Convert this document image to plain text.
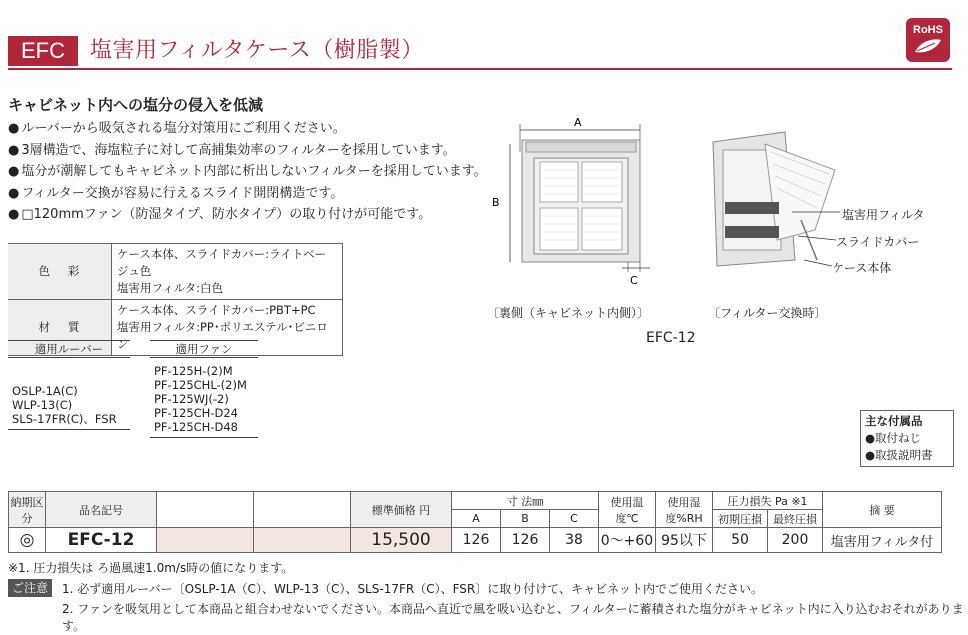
EFC	塩害用フィルタケース（樹脂製）
RoHS
キャビネット内への塩分の侵入を低減
● ルーバーから吸気される塩分対策用にご利用ください。
● 3層構造で、海塩粒子に対して高捕集効率のフィルターを採用しています。
● 塩分が潮解してもキャビネット内部に析出しないフィルターを採用しています。
● フィルター交換が容易に行えるスライド開閉構造です。
● □120mmファン（防湿タイプ、防水タイプ）の取り付けが可能です。
色彩	ケース本体、スライドカバー:ライトベージュ色
塩害用フィルタ:白色

材質	ケース本体、スライドカバー:PBT+PC
塩害用フィルタ:PP･ポリエステル･ビニロン
適用ルーバー
OSLP-1A(C)
WLP-13(C)
SLS-17FR(C)、FSR
適用ファン
PF-125H-(2)M
PF-125CHL-(2)M
PF-125WJ(-2)
PF-125CH-D24
PF-125CH-D48
A
B
C
〔裏側（キャビネット内側）〕
塩害用フィルタ
スライドカバー
ケース本体
〔フィルター交換時〕
EFC-12
主な付属品
●取付ねじ
●取扱説明書
納期区分	品名記号			標準価格 円	寸 法㎜			使用温度℃	使用湿度%RH	圧力損失 Pa ※1		摘 要
					A	B	C			初期圧損	最終圧損	
◎	EFC-12			15,500	126	126	38	0～+60	95以下	50	200	塩害用フィルタ付
※1. 圧力損失は ろ過風速1.0m/s時の値になります。
ご注意	1. 必ず適用ルーバー〔OSLP-1A（C）、WLP-13（C）、SLS-17FR（C）、FSR〕に取り付けて、キャビネット内でご使用ください。
2. ファンを吸気用として本商品と組合わせないでください。本商品へ直近で風を吸い込むと、フィルターに蓄積された塩分がキャビネット内に入り込むおそれがあります。
